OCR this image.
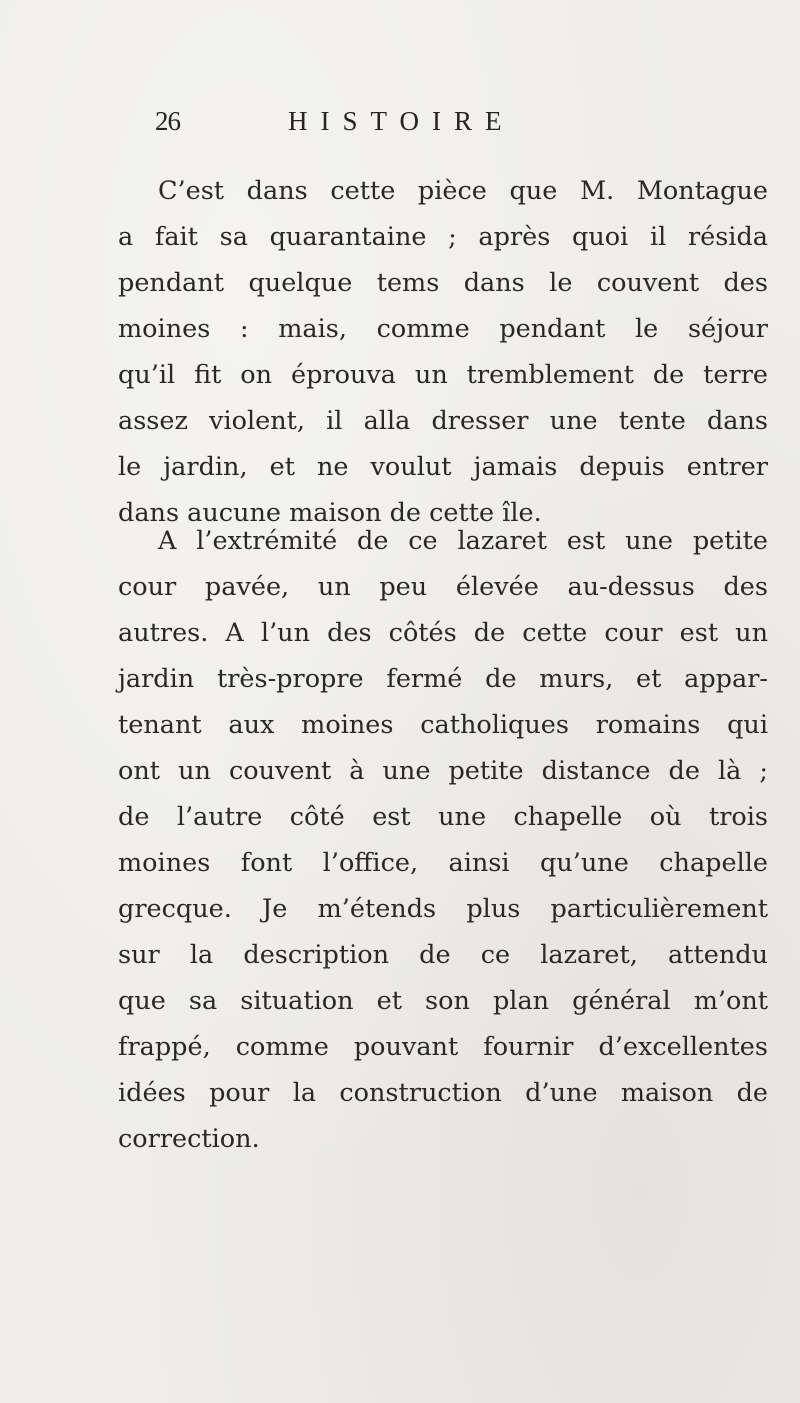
26	HISTOIRE
C’est dans cette pièce que M. Montague
a fait sa quarantaine ; après quoi il résida
pendant quelque tems dans le couvent des
moines : mais, comme pendant le séjour
qu’il fit on éprouva un tremblement de terre
assez violent, il alla dresser une tente dans
le jardin, et ne voulut jamais depuis entrer
dans aucune maison de cette île.
A l’extrémité de ce lazaret est une petite
cour pavée, un peu élevée au-dessus des
autres. A l’un des côtés de cette cour est un
jardin très-propre fermé de murs, et appar-
tenant aux moines catholiques romains qui
ont un couvent à une petite distance de là ;
de l’autre côté est une chapelle où trois
moines font l’office, ainsi qu’une chapelle
grecque. Je m’étends plus particulièrement
sur la description de ce lazaret, attendu
que sa situation et son plan général m’ont
frappé, comme pouvant fournir d’excellentes
idées pour la construction d’une maison de
correction.
